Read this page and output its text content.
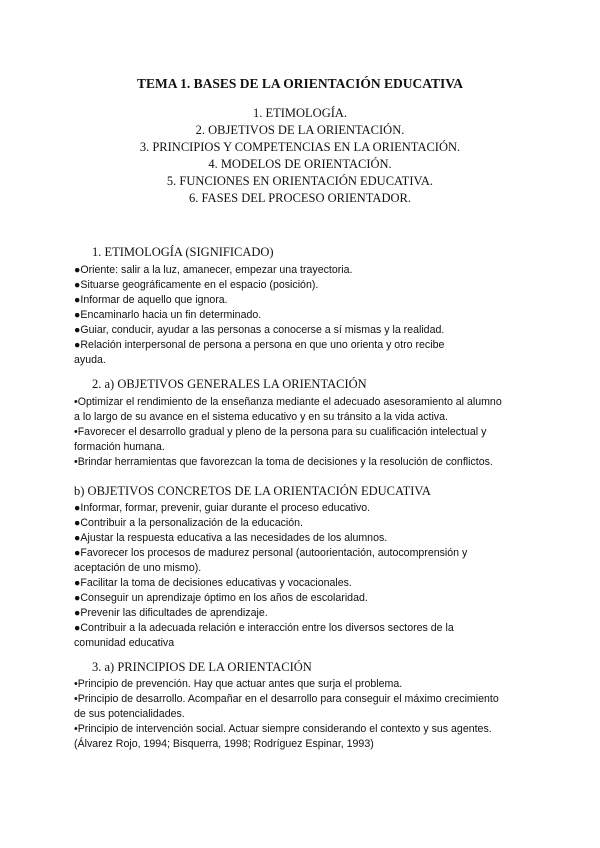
TEMA 1. BASES DE LA ORIENTACIÓN EDUCATIVA
1. ETIMOLOGÍA.
2. OBJETIVOS DE LA ORIENTACIÓN.
3. PRINCIPIOS Y COMPETENCIAS EN LA ORIENTACIÓN.
4. MODELOS DE ORIENTACIÓN.
5. FUNCIONES EN ORIENTACIÓN EDUCATIVA.
6. FASES DEL PROCESO ORIENTADOR.
1. ETIMOLOGÍA (SIGNIFICADO)
●Oriente: salir a la luz, amanecer, empezar una trayectoria.
●Situarse geográficamente en el espacio (posición).
●Informar de aquello que ignora.
●Encaminarlo hacia un fin determinado.
●Guiar, conducir, ayudar a las personas a conocerse a sí mismas y la realidad.
●Relación interpersonal de persona a persona en que uno orienta y otro recibe
ayuda.
2. a) OBJETIVOS GENERALES LA ORIENTACIÓN
•Optimizar el rendimiento de la enseñanza mediante el adecuado asesoramiento al alumno
a lo largo de su avance en el sistema educativo y en su tránsito a la vida activa.
•Favorecer el desarrollo gradual y pleno de la persona para su cualificación intelectual y
formación humana.
•Brindar herramientas que favorezcan la toma de decisiones y la resolución de conflictos.
b) OBJETIVOS CONCRETOS DE LA ORIENTACIÓN EDUCATIVA
●Informar, formar, prevenir, guiar durante el proceso educativo.
●Contribuir a la personalización de la educación.
●Ajustar la respuesta educativa a las necesidades de los alumnos.
●Favorecer los procesos de madurez personal (autoorientación, autocomprensión y
aceptación de uno mismo).
●Facilitar la toma de decisiones educativas y vocacionales.
●Conseguir un aprendizaje óptimo en los años de escolaridad.
●Prevenir las dificultades de aprendizaje.
●Contribuir a la adecuada relación e interacción entre los diversos sectores de la
comunidad educativa
3. a) PRINCIPIOS DE LA ORIENTACIÓN
•Principio de prevención. Hay que actuar antes que surja el problema.
•Principio de desarrollo. Acompañar en el desarrollo para conseguir el máximo crecimiento
de sus potencialidades.
•Principio de intervención social. Actuar siempre considerando el contexto y sus agentes.
(Álvarez Rojo, 1994; Bisquerra, 1998; Rodríguez Espinar, 1993)
